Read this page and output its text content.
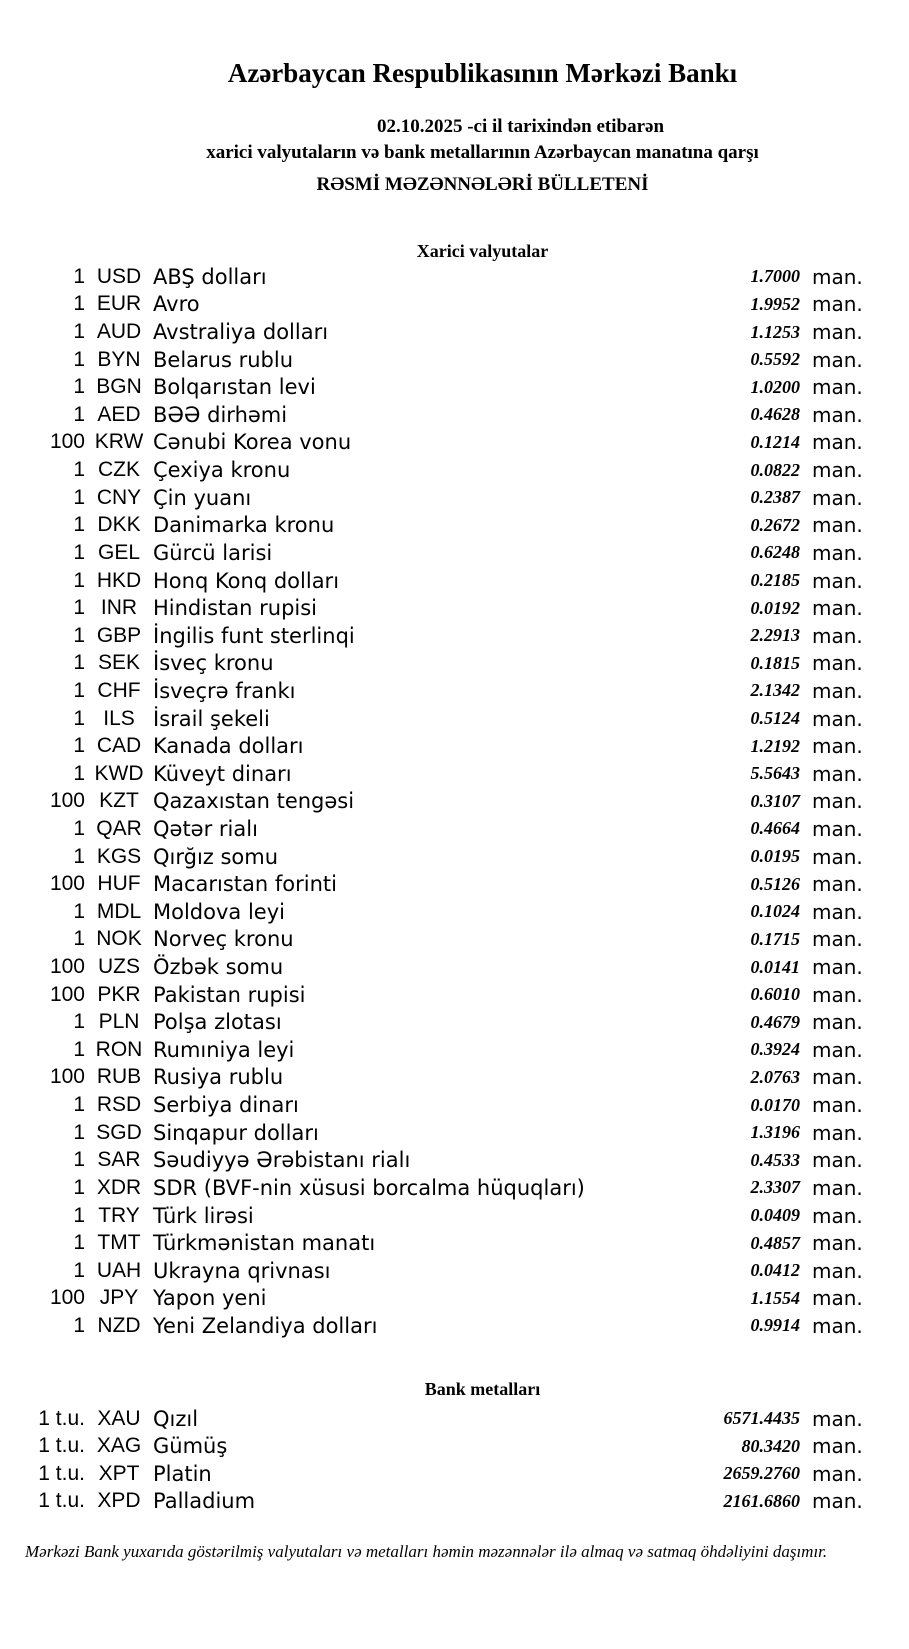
Azərbaycan Respublikasının Mərkəzi Bankı
02.10.2025 -ci il tarixindən etibarən
xarici valyutaların və bank metallarının Azərbaycan manatına qarşı
RƏSMİ MƏZƏNNƏLƏRİ BÜLLETENİ
Xarici valyutalar
1 USD ABŞ dolları	1.7000 man.
1 EUR Avro	1.9952 man.
1 AUD Avstraliya dolları	1.1253 man.
1 BYN Belarus rublu	0.5592 man.
1 BGN Bolqarıstan levi	1.0200 man.
1 AED BƏƏ dirhəmi	0.4628 man.
100 KRW Cənubi Korea vonu	0.1214 man.
1 CZK Çexiya kronu	0.0822 man.
1 CNY Çin yuanı	0.2387 man.
1 DKK Danimarka kronu	0.2672 man.
1 GEL Gürcü larisi	0.6248 man.
1 HKD Honq Konq dolları	0.2185 man.
1 INR Hindistan rupisi	0.0192 man.
1 GBP İngilis funt sterlinqi	2.2913 man.
1 SEK İsveç kronu	0.1815 man.
1 CHF İsveçrə frankı	2.1342 man.
1 ILS İsrail şekeli	0.5124 man.
1 CAD Kanada dolları	1.2192 man.
1 KWD Küveyt dinarı	5.5643 man.
100 KZT Qazaxıstan tengəsi	0.3107 man.
1 QAR Qətər rialı	0.4664 man.
1 KGS Qırğız somu	0.0195 man.
100 HUF Macarıstan forinti	0.5126 man.
1 MDL Moldova leyi	0.1024 man.
1 NOK Norveç kronu	0.1715 man.
100 UZS Özbək somu	0.0141 man.
100 PKR Pakistan rupisi	0.6010 man.
1 PLN Polşa zlotası	0.4679 man.
1 RON Rumıniya leyi	0.3924 man.
100 RUB Rusiya rublu	2.0763 man.
1 RSD Serbiya dinarı	0.0170 man.
1 SGD Sinqapur dolları	1.3196 man.
1 SAR Səudiyyə Ərəbistanı rialı	0.4533 man.
1 XDR SDR (BVF-nin xüsusi borcalma hüquqları)	2.3307 man.
1 TRY Türk lirəsi	0.0409 man.
1 TMT Türkmənistan manatı	0.4857 man.
1 UAH Ukrayna qrivnası	0.0412 man.
100 JPY Yapon yeni	1.1554 man.
1 NZD Yeni Zelandiya dolları	0.9914 man.
Bank metalları
1 t.u. XAU Qızıl	6571.4435 man.
1 t.u. XAG Gümüş	80.3420 man.
1 t.u. XPT Platin	2659.2760 man.
1 t.u. XPD Palladium	2161.6860 man.
Mərkəzi Bank yuxarıda göstərilmiş valyutaları və metalları həmin məzənnələr ilə almaq və satmaq öhdəliyini daşımır.
